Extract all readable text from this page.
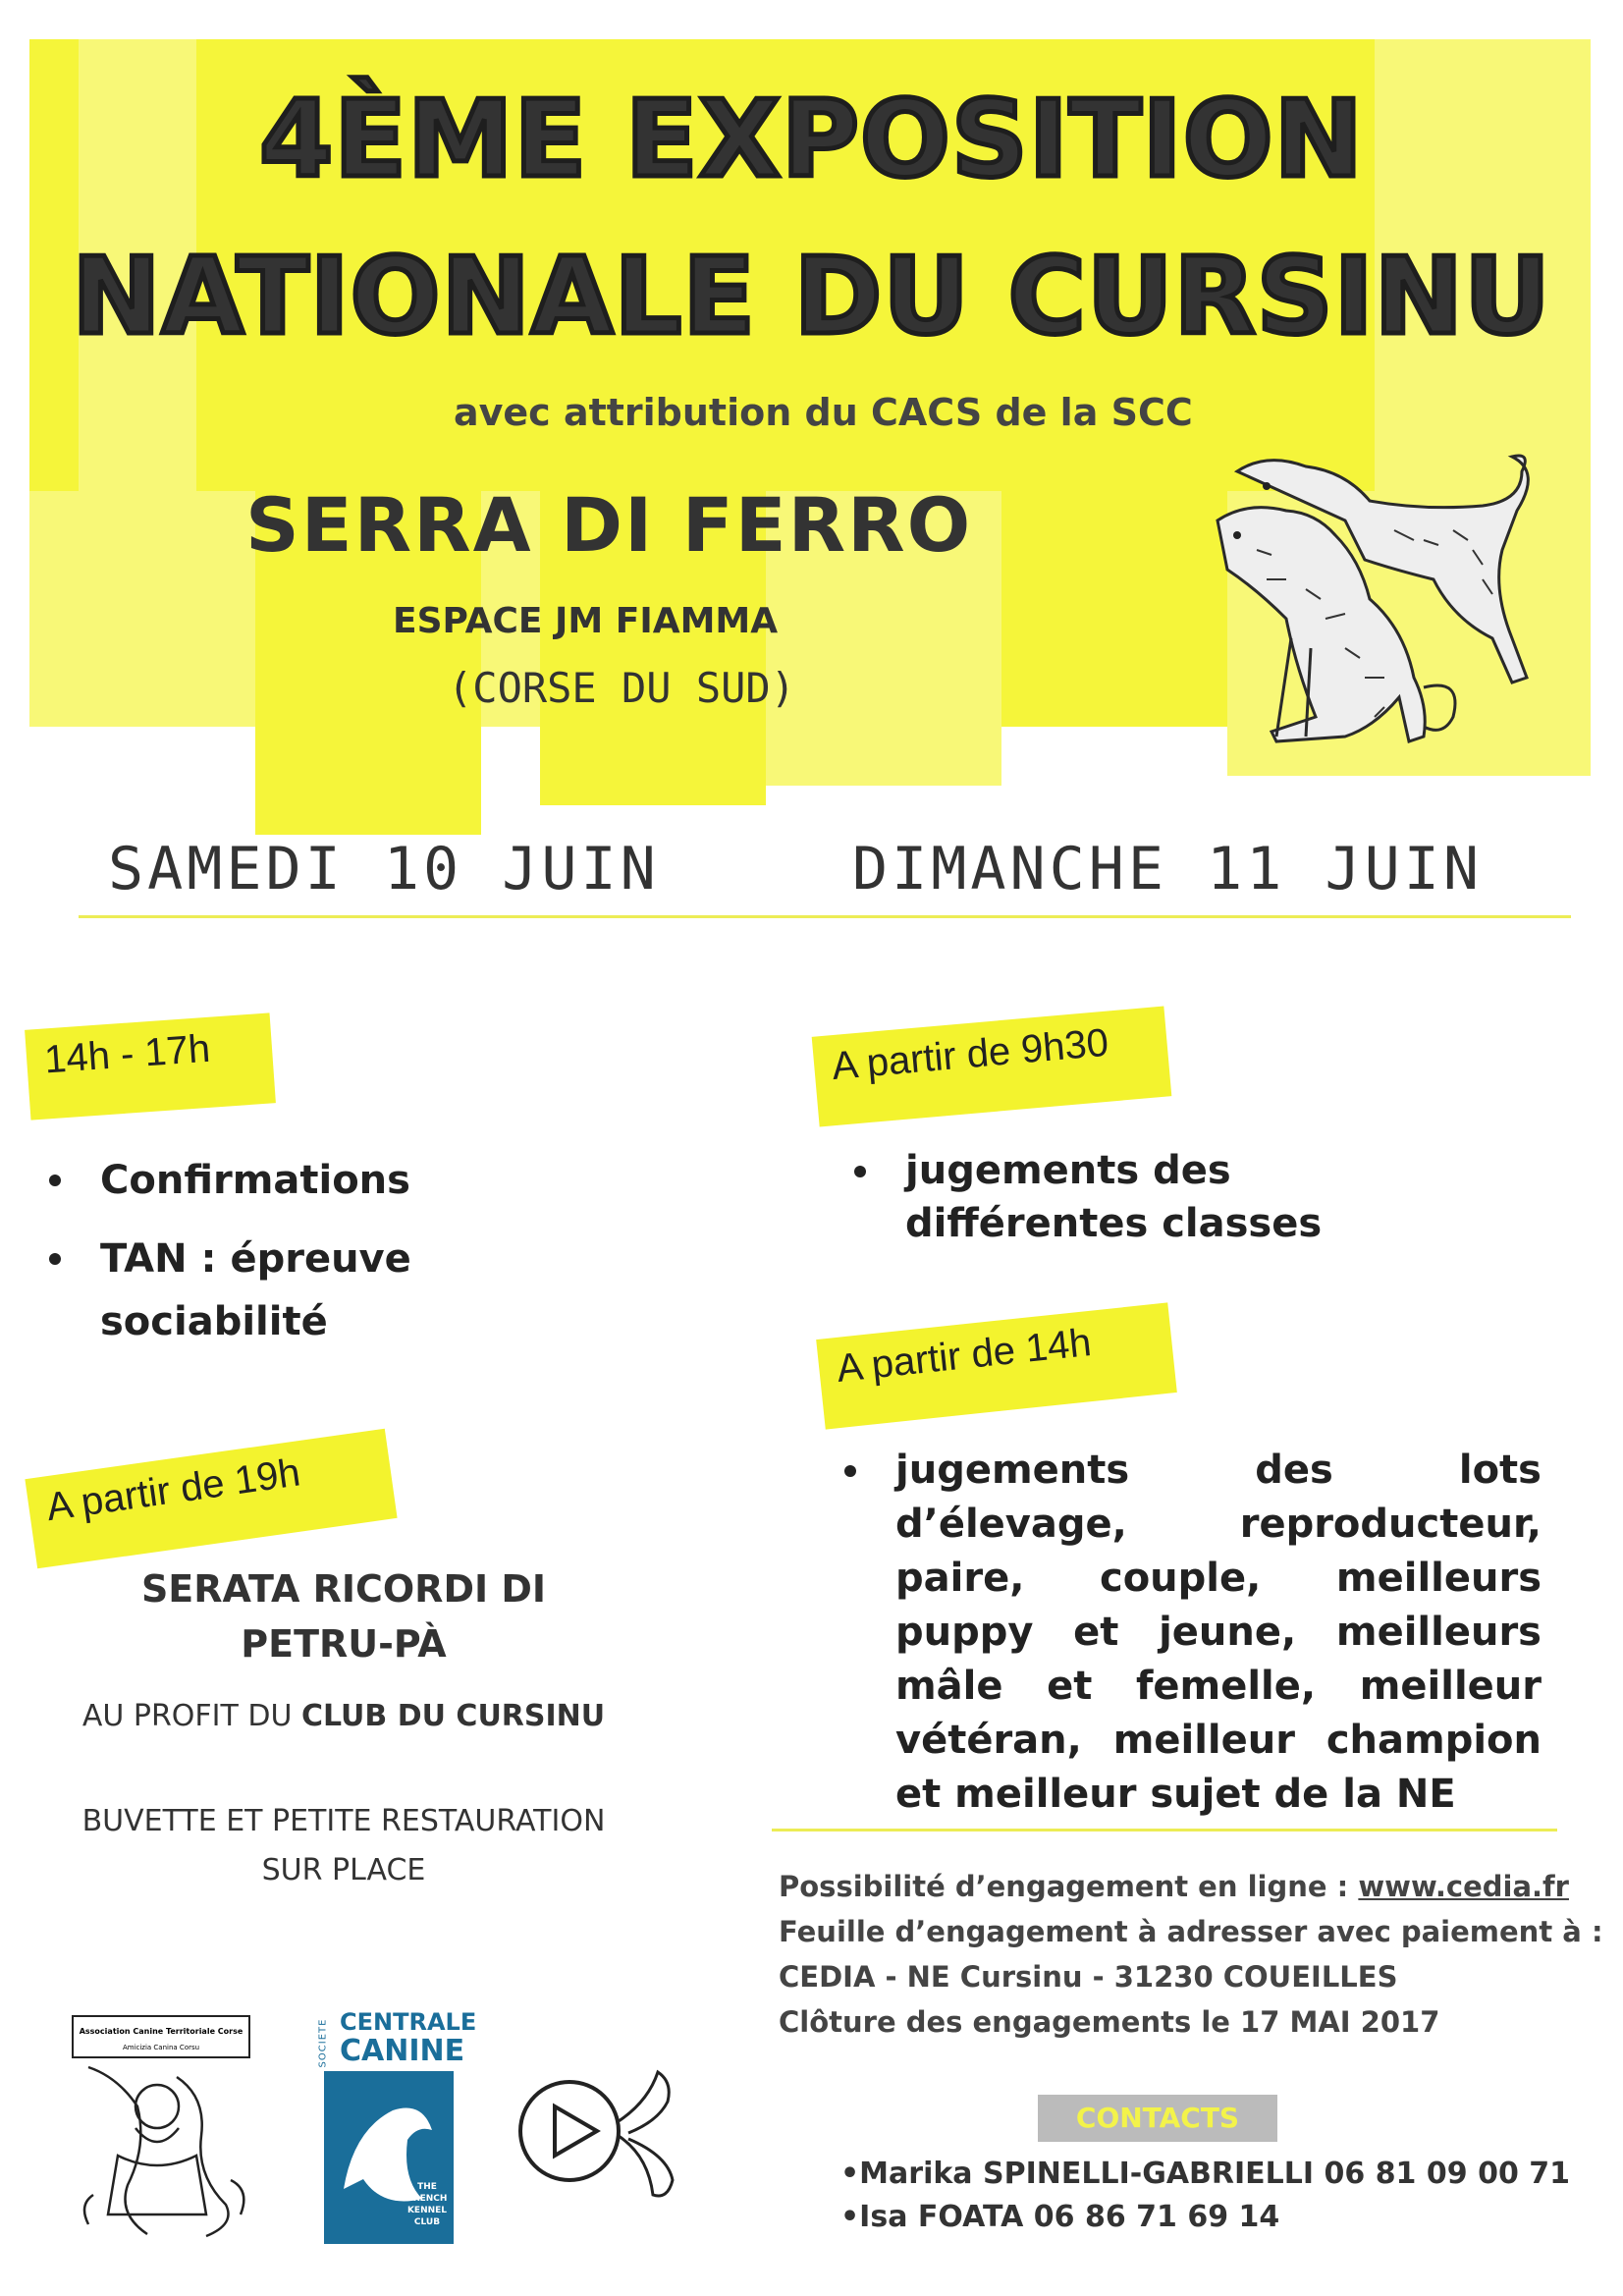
4ÈME EXPOSITION
NATIONALE DU CURSINU
avec attribution du CACS de la SCC
SERRA DI FERRO
ESPACE JM FIAMMA
(CORSE DU SUD)
SAMEDI 10 JUIN	DIMANCHE 11 JUIN
14h - 17h
Confirmations
TAN : épreuve sociabilité
A partir de 19h
SERATA RICORDI DI PETRU-PÀ
AU PROFIT DU CLUB DU CURSINU
BUVETTE ET PETITE RESTAURATION SUR PLACE
A partir de 9h30
jugements des différentes classes
A partir de 14h
jugements des lots d’élevage, reproducteur, paire, couple, meilleurs puppy et jeune, meilleurs mâle et femelle, meilleur vétéran, meilleur champion et meilleur sujet de la NE
Possibilité d’engagement en ligne : www.cedia.fr
Feuille d’engagement à adresser avec paiement à :
CEDIA - NE Cursinu - 31230 COUEILLES
Clôture des engagements le 17 MAI 2017
CONTACTS
•Marika SPINELLI-GABRIELLI 06 81 09 00 71
•Isa FOATA 06 86 71 69 14
Association Canine Territoriale Corse
Amicizia Canina Corsu	SOCIETE CENTRALE
CANINE
THE
FRENCH
KENNEL
CLUB
